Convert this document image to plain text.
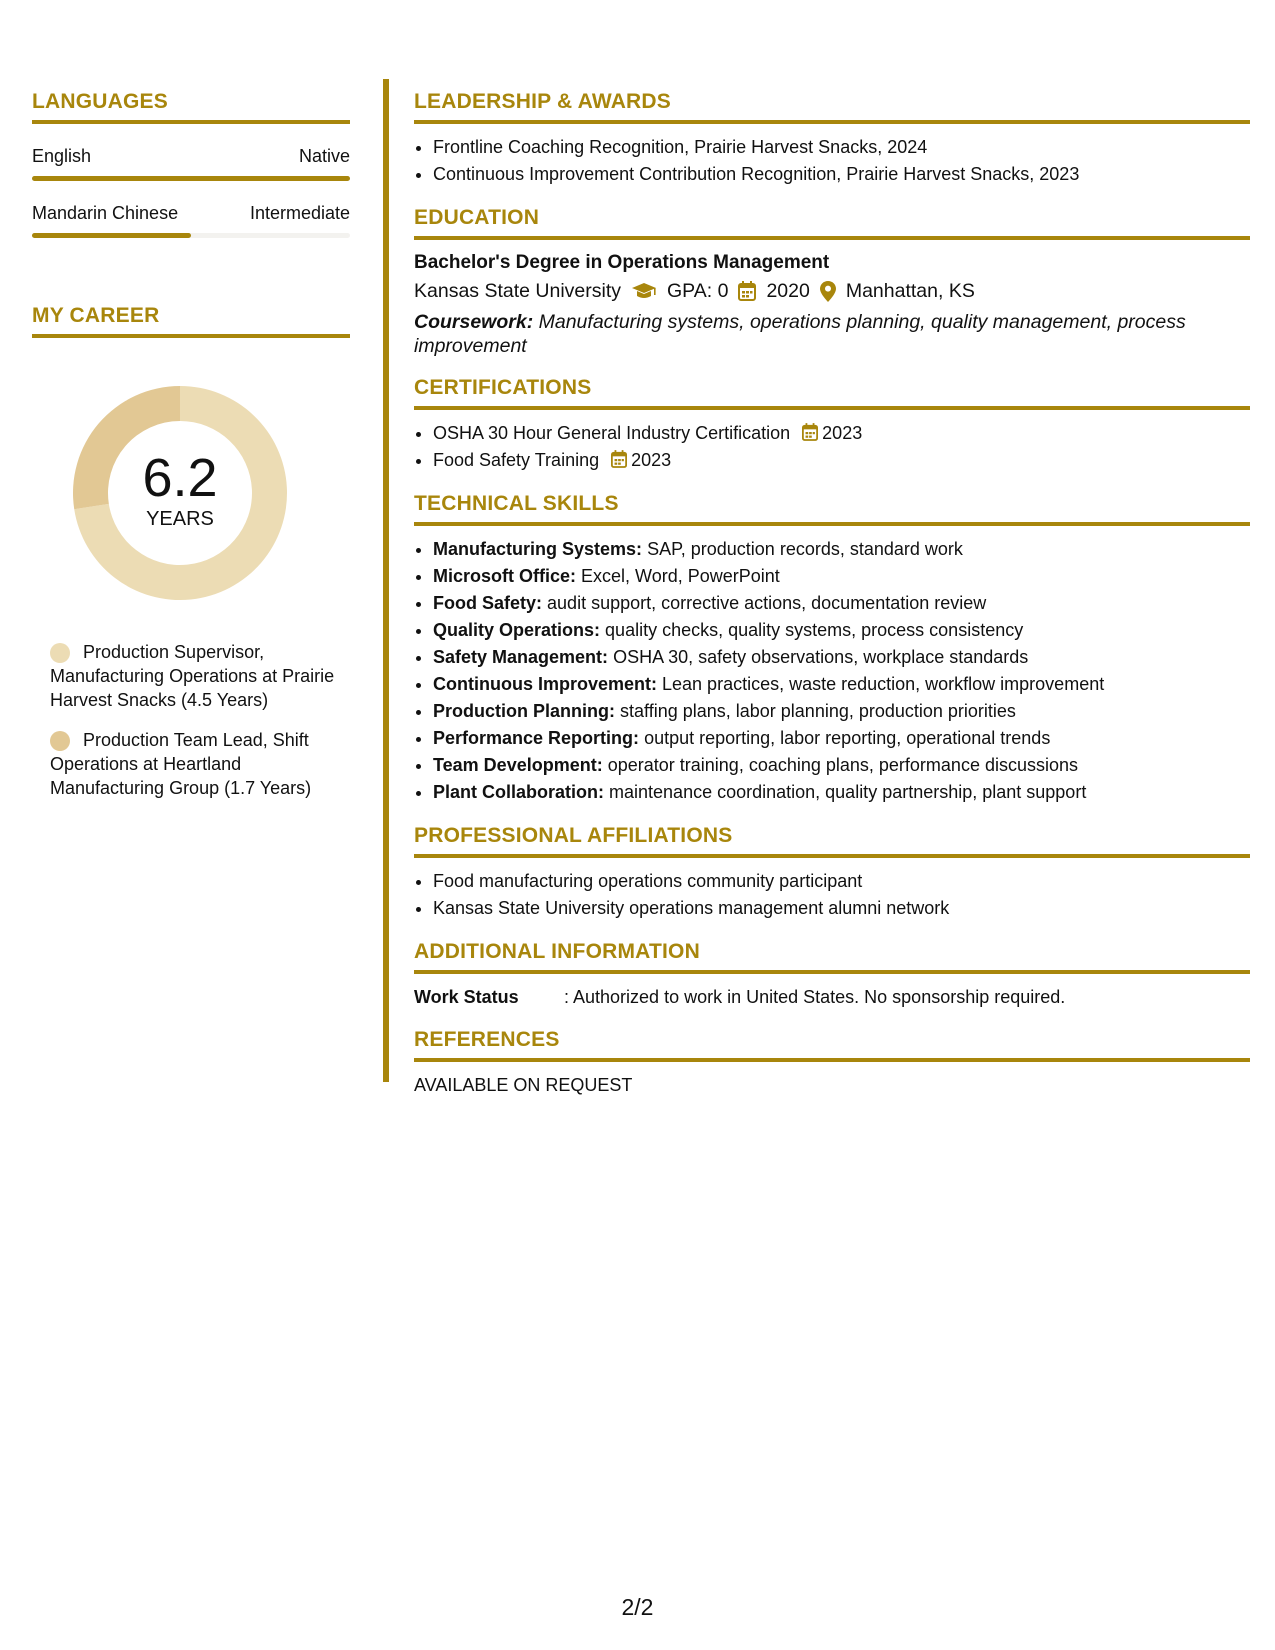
LANGUAGES
English	Native
Mandarin Chinese	Intermediate
MY CAREER
6.2
YEARS
Production Supervisor, Manufacturing Operations at Prairie Harvest Snacks (4.5 Years)
Production Team Lead, Shift Operations at Heartland Manufacturing Group (1.7 Years)
LEADERSHIP & AWARDS
• Frontline Coaching Recognition, Prairie Harvest Snacks, 2024
• Continuous Improvement Contribution Recognition, Prairie Harvest Snacks, 2023
EDUCATION
Bachelor's Degree in Operations Management
Kansas State University GPA: 0 2020 Manhattan, KS
Coursework: Manufacturing systems, operations planning, quality management, process improvement
CERTIFICATIONS
• OSHA 30 Hour General Industry Certification 2023
• Food Safety Training 2023
TECHNICAL SKILLS
• Manufacturing Systems: SAP, production records, standard work
• Microsoft Office: Excel, Word, PowerPoint
• Food Safety: audit support, corrective actions, documentation review
• Quality Operations: quality checks, quality systems, process consistency
• Safety Management: OSHA 30, safety observations, workplace standards
• Continuous Improvement: Lean practices, waste reduction, workflow improvement
• Production Planning: staffing plans, labor planning, production priorities
• Performance Reporting: output reporting, labor reporting, operational trends
• Team Development: operator training, coaching plans, performance discussions
• Plant Collaboration: maintenance coordination, quality partnership, plant support
PROFESSIONAL AFFILIATIONS
• Food manufacturing operations community participant
• Kansas State University operations management alumni network
ADDITIONAL INFORMATION
Work Status	: Authorized to work in United States. No sponsorship required.
REFERENCES
AVAILABLE ON REQUEST
2/2
